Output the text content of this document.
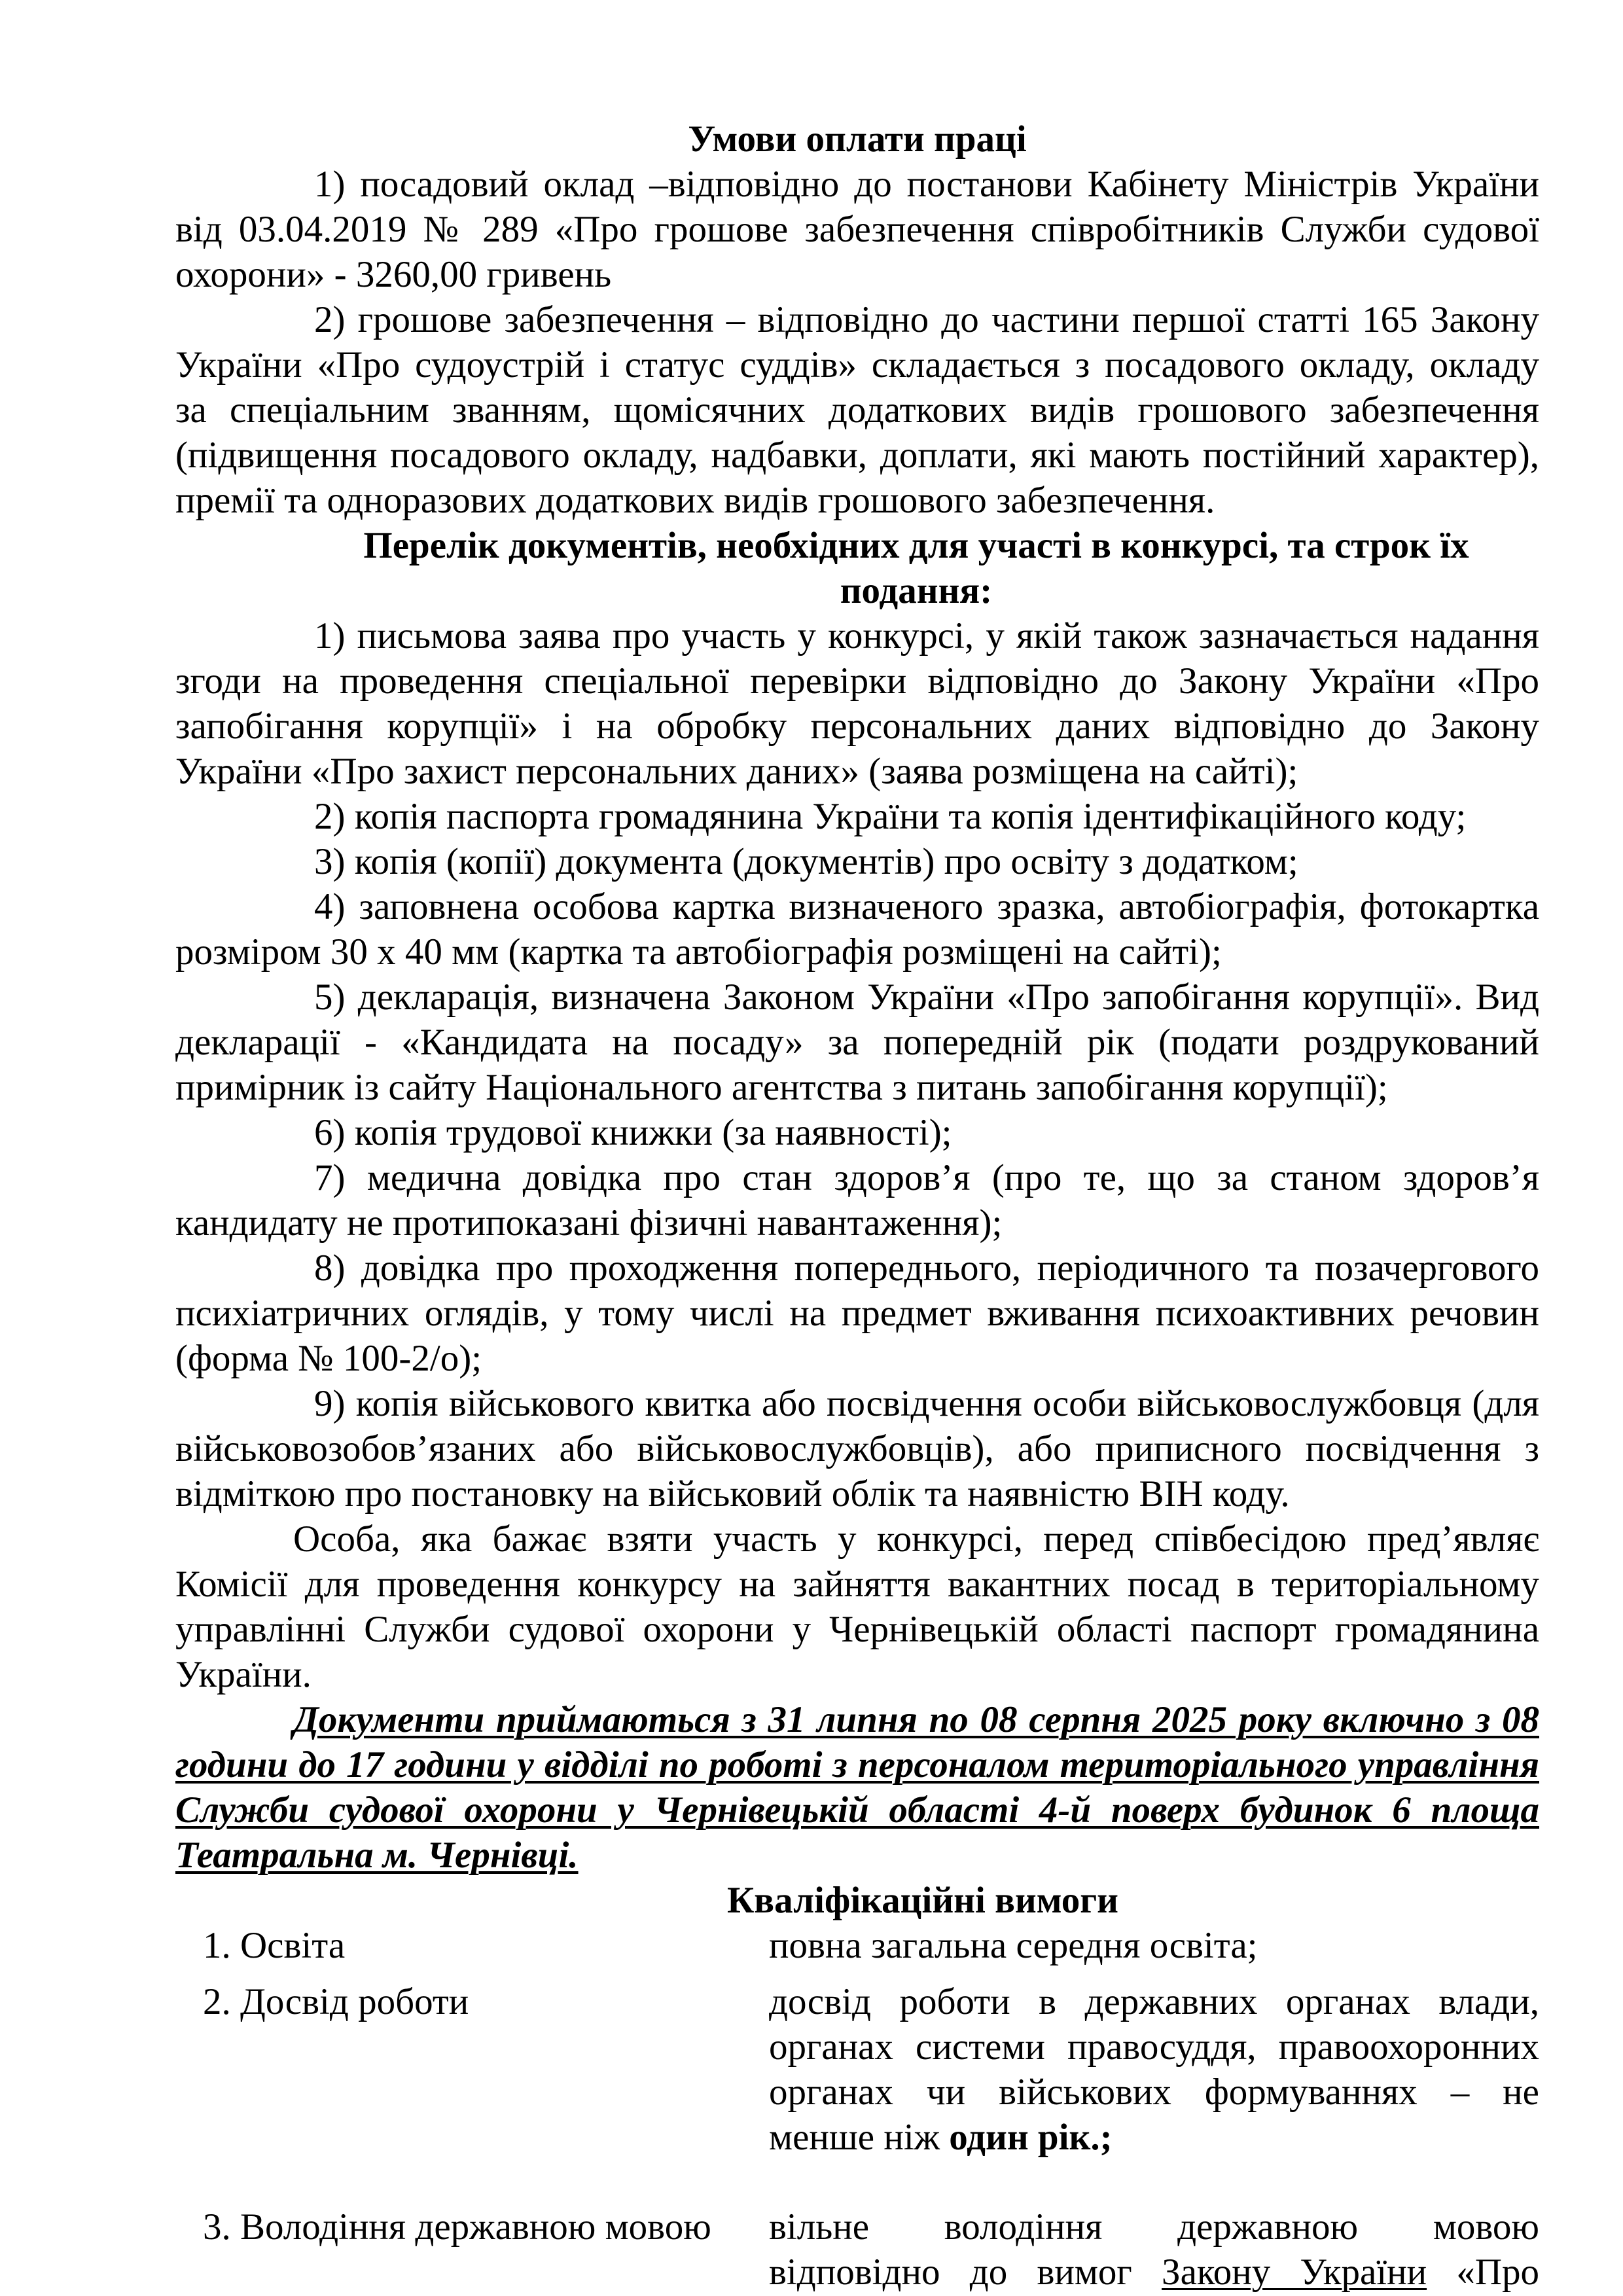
Умови оплати праці
1) посадовий оклад –відповідно до постанови Кабінету Міністрів України
від 03.04.2019 № 289 «Про грошове забезпечення співробітників Служби судової
охорони» - 3260,00 гривень
2) грошове забезпечення – відповідно до частини першої статті 165 Закону
України «Про судоустрій і статус суддів» складається з посадового окладу, окладу
за спеціальним званням, щомісячних додаткових видів грошового забезпечення
(підвищення посадового окладу, надбавки, доплати, які мають постійний характер),
премії та одноразових додаткових видів грошового забезпечення.
Перелік документів, необхідних для участі в конкурсі, та строк їх
подання:
1) письмова заява про участь у конкурсі, у якій також зазначається надання
згоди на проведення спеціальної перевірки відповідно до Закону України «Про
запобігання корупції» і на обробку персональних даних відповідно до Закону
України «Про захист персональних даних» (заява розміщена на сайті);
2) копія паспорта громадянина України та копія ідентифікаційного коду;
3) копія (копії) документа (документів) про освіту з додатком;
4) заповнена особова картка визначеного зразка, автобіографія, фотокартка
розміром 30 х 40 мм (картка та автобіографія розміщені на сайті);
5) декларація, визначена Законом України «Про запобігання корупції». Вид
декларації - «Кандидата на посаду» за попередній рік (подати роздрукований
примірник із сайту Національного агентства з питань запобігання корупції);
6) копія трудової книжки (за наявності);
7) медична довідка про стан здоров’я (про те, що за станом здоров’я
кандидату не протипоказані фізичні навантаження);
8) довідка про проходження попереднього, періодичного та позачергового
психіатричних оглядів, у тому числі на предмет вживання психоактивних речовин
(форма № 100-2/о);
9) копія військового квитка або посвідчення особи військовослужбовця (для
військовозобов’язаних або військовослужбовців), або приписного посвідчення з
відміткою про постановку на військовий облік та наявністю ВІН коду.
Особа, яка бажає взяти участь у конкурсі, перед співбесідою пред’являє
Комісії для проведення конкурсу на зайняття вакантних посад в територіальному
управлінні Служби судової охорони у Чернівецькій області паспорт громадянина
України.
Документи приймаються з 31 липня по 08 серпня 2025 року включно з 08
години до 17 години у відділі по роботі з персоналом територіального управління
Служби судової охорони у Чернівецькій області 4-й поверх будинок 6 площа
Театральна м. Чернівці.
Кваліфікаційні вимоги
1. Освіта	повна загальна середня освіта;
2. Досвід роботи	досвід роботи в державних органах влади,
органах системи правосуддя, правоохоронних
органах чи військових формуваннях – не
менше ніж один рік.;
3. Володіння державною мовою вільне володіння державною мовою
відповідно до вимог Закону України «Про
